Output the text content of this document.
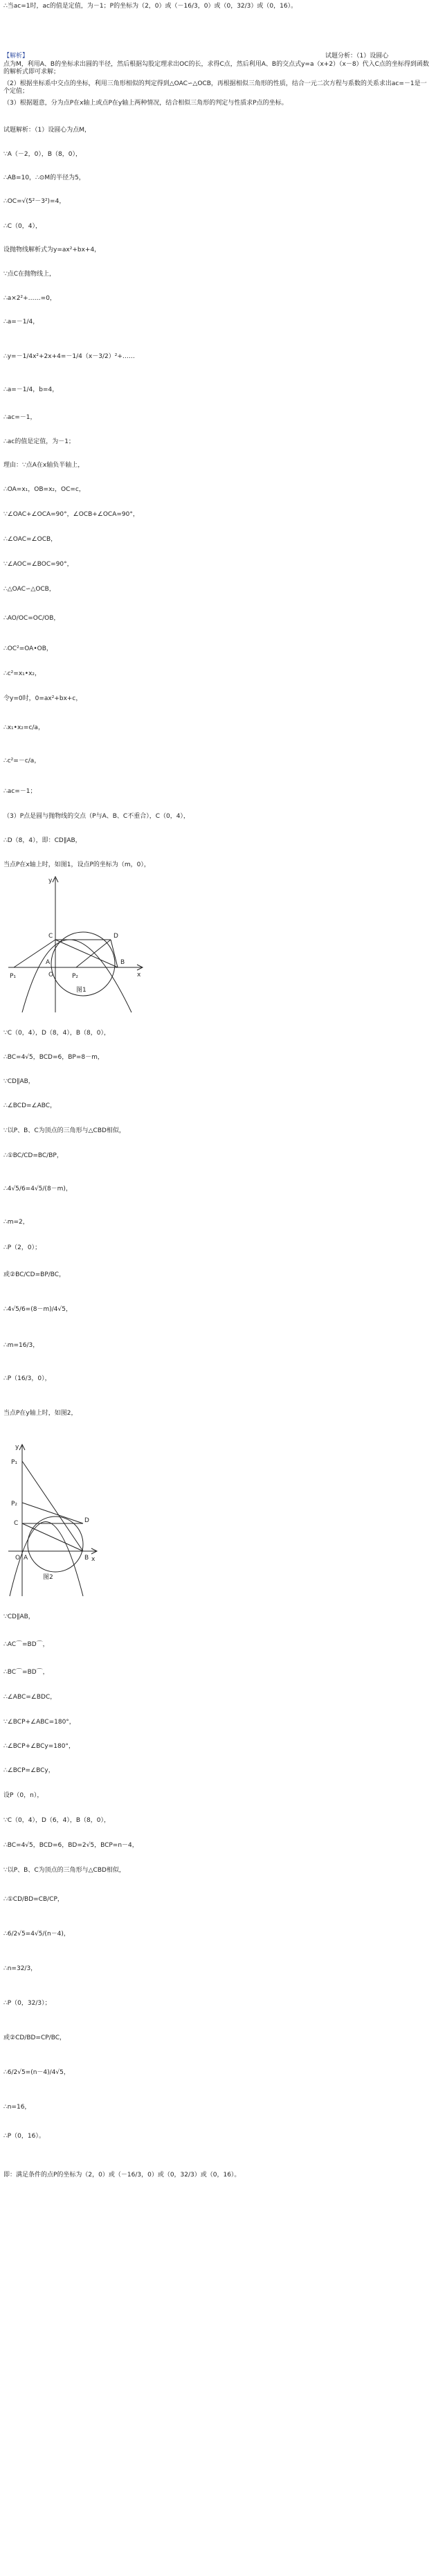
∴当ac=1时，ac的值是定值，为－1；P的坐标为（2，0）或（－16/3，0）或（0，32/3）或（0，16）。
【解析】	试题分析：（1）设圆心
点为M，利用A、B的坐标求出圆的半径，然后根据勾股定理求出OC的长，求得C点，然后利用A、B的交点式y=a（x+2）（x－8）代入C点的坐标得到函数的解析式即可求解；
（2）根据坐标系中交点的坐标，利用三角形相似的判定得到△OAC∽△OCB，再根据相似三角形的性质，结合一元二次方程与系数的关系求出ac=－1是一个定值；
（3）根据题意，分为点P在x轴上或点P在y轴上两种情况，结合相似三角形的判定与性质求P点的坐标。
试题解析：（1）设圆心为点M，
∵A（－2，0），B（8，0），
∴AB=10，∴⊙M的半径为5，
∴OC=√(5²－3²)=4，
∴C（0，4），
设抛物线解析式为y=ax²+bx+4，
∵点C在抛物线上，
∴a×2²+……=0，
∴a=－1/4，
∴y=－1/4x²+2x+4=－1/4（x－3/2）²+……
∴a=－1/4，b=4，
∴ac=－1，
∴ac的值是定值，为－1；
理由：∵点A在x轴负半轴上，
∴OA=x₁，OB=x₂，OC=c，
∵∠OAC+∠OCA=90°，∠OCB+∠OCA=90°，
∴∠OAC=∠OCB，
∵∠AOC=∠BOC=90°，
∴△OAC∽△OCB，
∴AO/OC=OC/OB，
∴OC²=OA•OB，
∴c²=x₁•x₂，
令y=0时，0=ax²+bx+c，
∴x₁•x₂=c/a，
∴c²=－c/a，
∴ac=－1；
（3）P点是圆与抛物线的交点（P与A、B、C不重合），C（0，4），
∴D（8，4），即：CD∥AB，
当点P在x轴上时，如图1，设点P的坐标为（m，0），
∵C（0，4），D（8，4），B（8，0），
∴BC=4√5，BCD=6，BP=8－m，
∵CD∥AB，
∴∠BCD=∠ABC，
∵以P、B、C为顶点的三角形与△CBD相似，
∴①BC/CD=BC/BP，
∴4√5/6=4√5/(8－m)，
∴m=2，
∴P（2，0）；
或②BC/CD=BP/BC，
∴4√5/6=(8－m)/4√5，
∴m=16/3，
∴P（16/3，0），
当点P在y轴上时，如图2，
∵CD∥AB，
∴AC⌒=BD⌒，
∴BC⌒=BD⌒，
∴∠ABC=∠BDC，
∵∠BCP+∠ABC=180°，
∴∠BCP+∠BCy=180°，
∴∠BCP=∠BCy，
设P（0，n），
∵C（0，4），D（6，4），B（8，0），
∴BC=4√5，BCD=6，BD=2√5，BCP=n－4，
∵以P、B、C为顶点的三角形与△CBD相似，
∴①CD/BD=CB/CP，
∴6/2√5=4√5/(n－4)，
∴n=32/3，
∴P（0，32/3）；
或②CD/BD=CP/BC，
∴6/2√5=(n－4)/4√5，
∴n=16，
∴P（0，16）。
即：满足条件的点P的坐标为（2，0）或（－16/3，0）或（0，32/3）或（0，16）。
y
x
P₁	O	P₂
A	B
C	D
图1
y
x
P₁
P₂
O A	B
C	D
图2
